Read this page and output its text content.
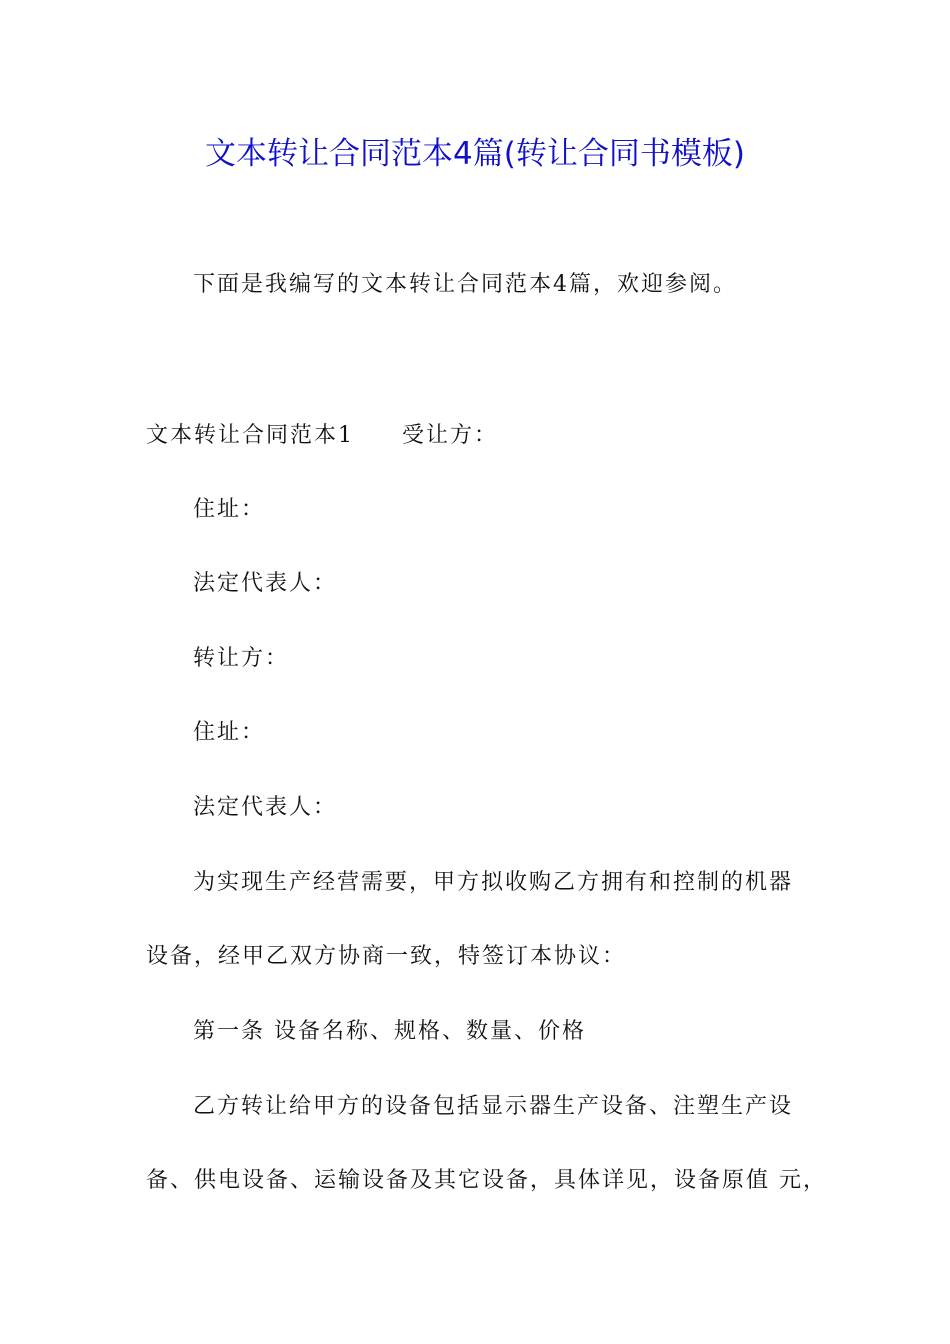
文本转让合同范本4篇(转让合同书模板)
下面是我编写的文本转让合同范本4篇，欢迎参阅。
文本转让合同范本1 受让方：
住址：
法定代表人：
转让方：
住址：
法定代表人：
为实现生产经营需要，甲方拟收购乙方拥有和控制的机器
设备，经甲乙双方协商一致，特签订本协议：
第一条 设备名称、规格、数量、价格
乙方转让给甲方的设备包括显示器生产设备、注塑生产设
备、供电设备、运输设备及其它设备，具体详见，设备原值 元，
